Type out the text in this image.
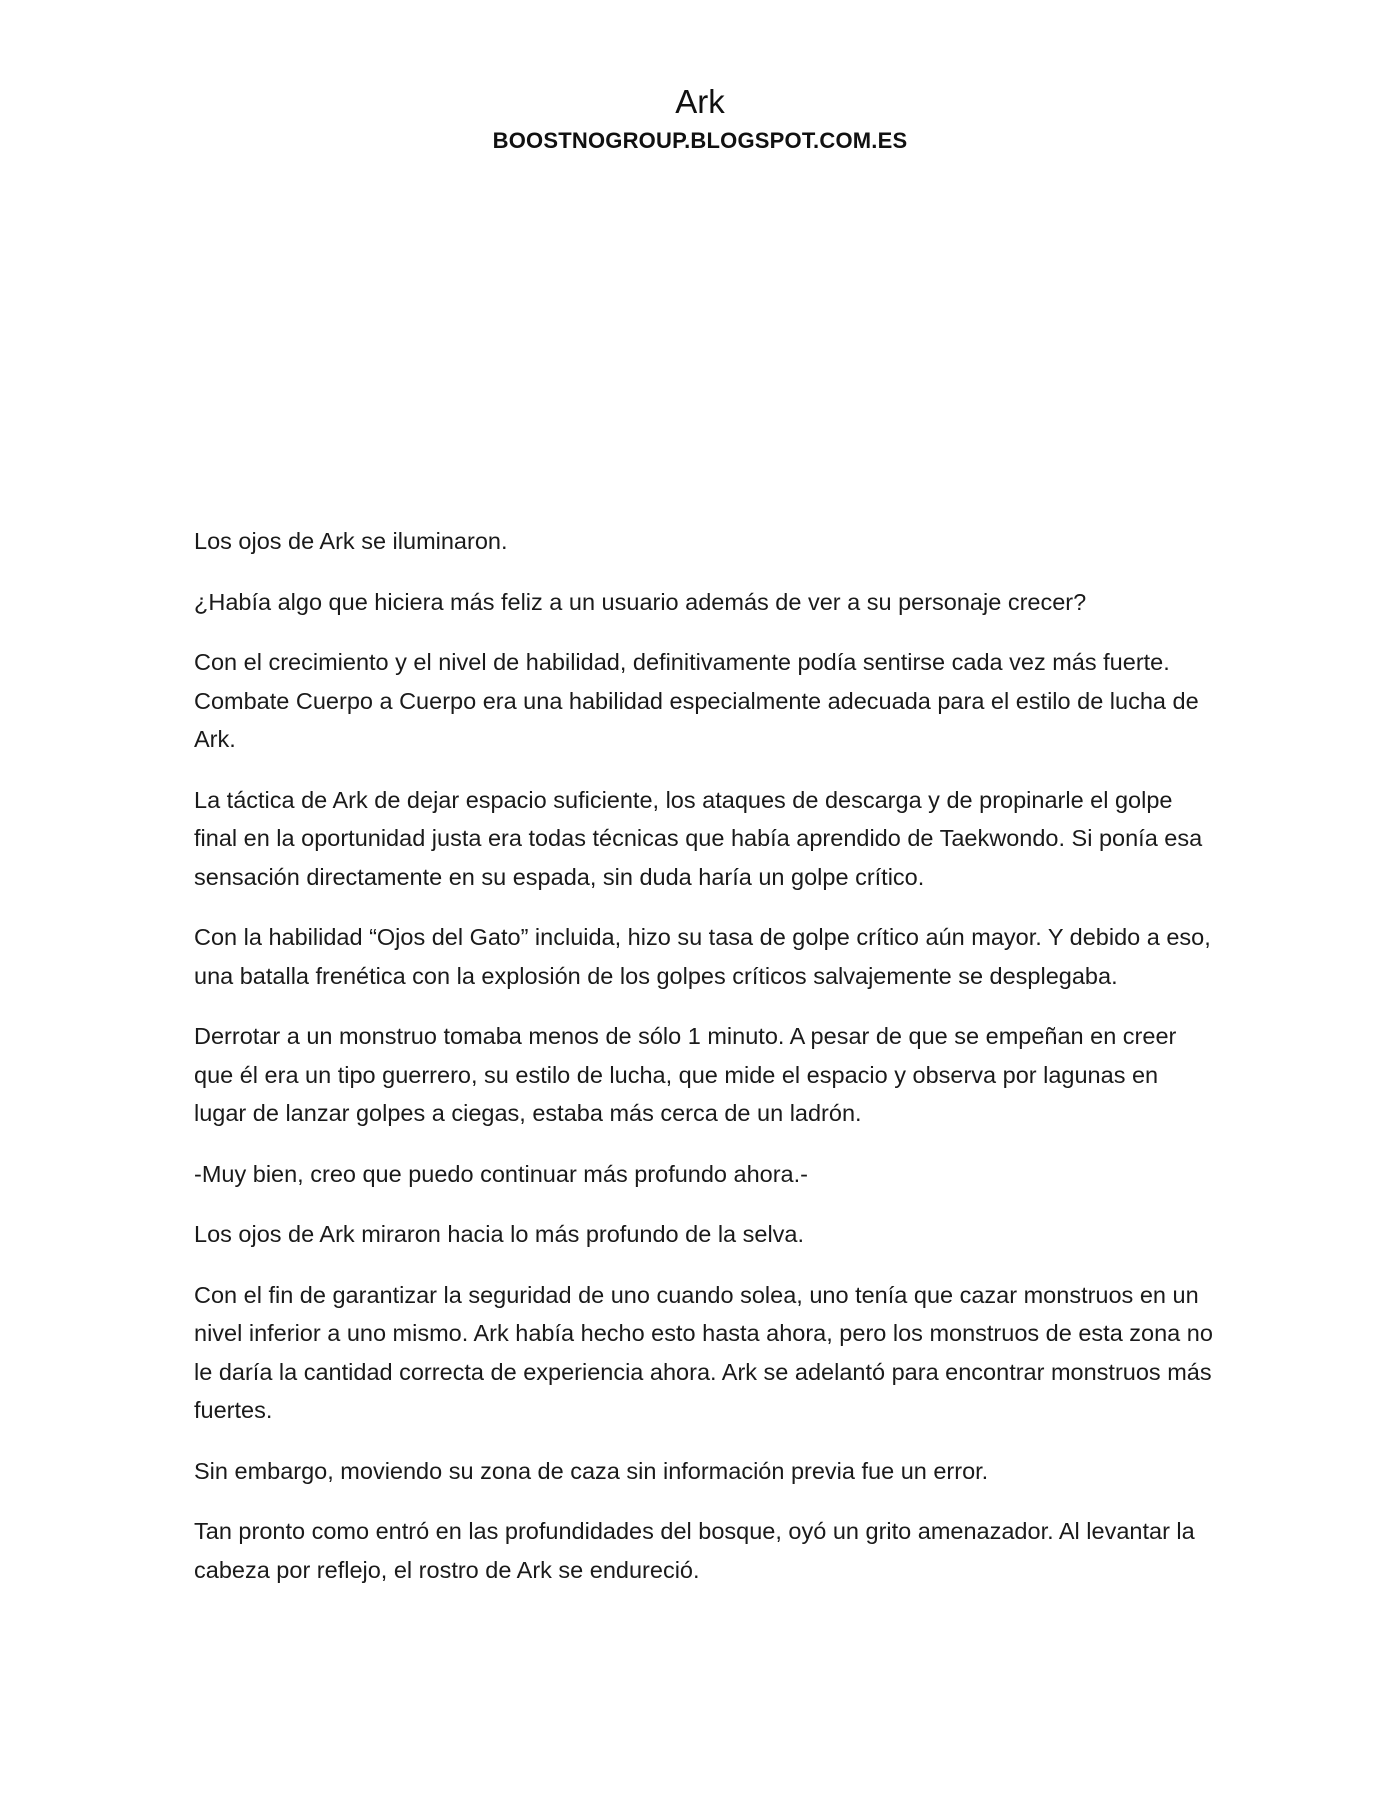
Ark
BOOSTNOGROUP.BLOGSPOT.COM.ES

Los ojos de Ark se iluminaron.

¿Había algo que hiciera más feliz a un usuario además de ver a su personaje crecer?

Con el crecimiento y el nivel de habilidad, definitivamente podía sentirse cada vez más fuerte. Combate Cuerpo a Cuerpo era una habilidad especialmente adecuada para el estilo de lucha de Ark.

La táctica de Ark de dejar espacio suficiente, los ataques de descarga y de propinarle el golpe final en la oportunidad justa era todas técnicas que había aprendido de Taekwondo. Si ponía esa sensación directamente en su espada, sin duda haría un golpe crítico.

Con la habilidad “Ojos del Gato” incluida, hizo su tasa de golpe crítico aún mayor. Y debido a eso, una batalla frenética con la explosión de los golpes críticos salvajemente se desplegaba.

Derrotar a un monstruo tomaba menos de sólo 1 minuto. A pesar de que se empeñan en creer que él era un tipo guerrero, su estilo de lucha, que mide el espacio y observa por lagunas en lugar de lanzar golpes a ciegas, estaba más cerca de un ladrón.

-Muy bien, creo que puedo continuar más profundo ahora.-

Los ojos de Ark miraron hacia lo más profundo de la selva.

Con el fin de garantizar la seguridad de uno cuando solea, uno tenía que cazar monstruos en un nivel inferior a uno mismo. Ark había hecho esto hasta ahora, pero los monstruos de esta zona no le daría la cantidad correcta de experiencia ahora. Ark se adelantó para encontrar monstruos más fuertes.

Sin embargo, moviendo su zona de caza sin información previa fue un error.

Tan pronto como entró en las profundidades del bosque, oyó un grito amenazador. Al levantar la cabeza por reflejo, el rostro de Ark se endureció.
